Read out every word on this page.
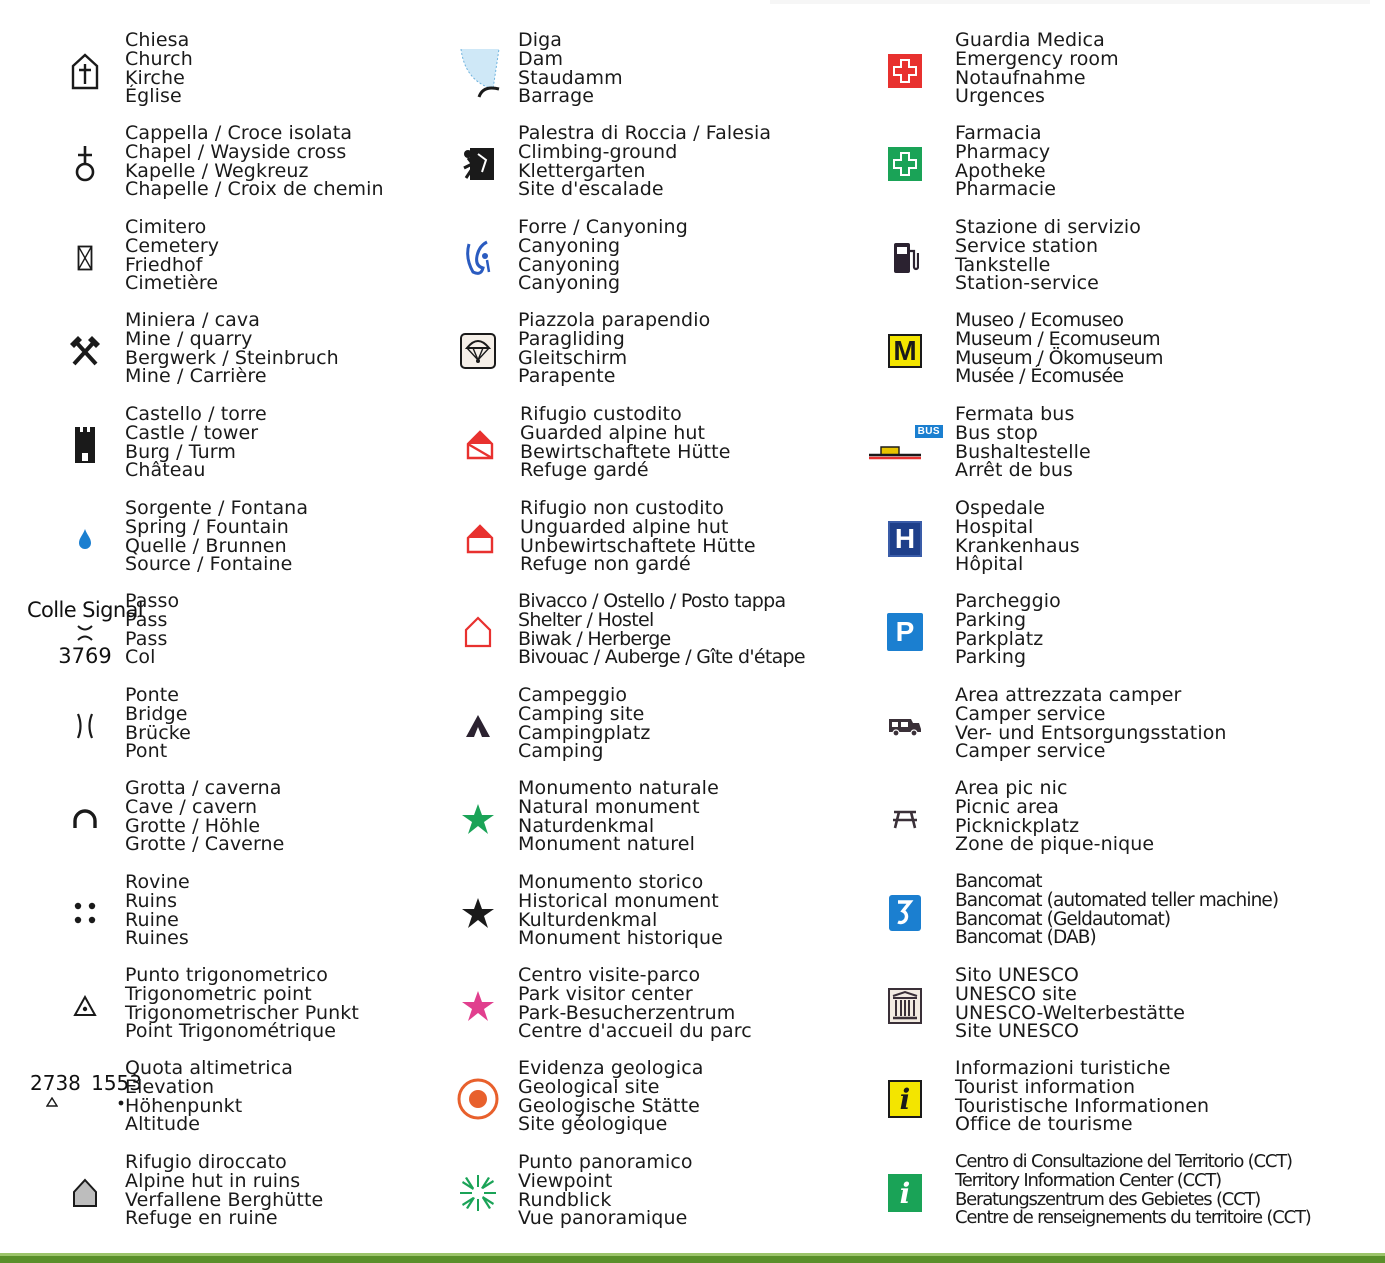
Chiesa
Church
Kirche
Église
Cappella / Croce isolata
Chapel / Wayside cross
Kapelle / Wegkreuz
Chapelle / Croix de chemin
Cimitero
Cemetery
Friedhof
Cimetière
Miniera / cava
Mine / quarry
Bergwerk / Steinbruch
Mine / Carrière
Castello / torre
Castle / tower
Burg / Turm
Château
Sorgente / Fontana
Spring / Fountain
Quelle / Brunnen
Source / Fontaine
Colle Signal
3769
Passo
Pass
Pass
Col
Ponte
Bridge
Brücke
Pont
Grotta / caverna
Cave / cavern
Grotte / Höhle
Grotte / Caverne
Rovine
Ruins
Ruine
Ruines
Punto trigonometrico
Trigonometric point
Trigonometrischer Punkt
Point Trigonométrique
2738 1553
Quota altimetrica
Elevation
Höhenpunkt
Altitude
Rifugio diroccato
Alpine hut in ruins
Verfallene Berghütte
Refuge en ruine
Diga
Dam
Staudamm
Barrage
Palestra di Roccia / Falesia
Climbing-ground
Klettergarten
Site d'escalade
Forre / Canyoning
Canyoning
Canyoning
Canyoning
Piazzola parapendio
Paragliding
Gleitschirm
Parapente
Rifugio custodito
Guarded alpine hut
Bewirtschaftete Hütte
Refuge gardé
Rifugio non custodito
Unguarded alpine hut
Unbewirtschaftete Hütte
Refuge non gardé
Bivacco / Ostello / Posto tappa
Shelter / Hostel
Biwak / Herberge
Bivouac / Auberge / Gîte d'étape
Campeggio
Camping site
Campingplatz
Camping
Monumento naturale
Natural monument
Naturdenkmal
Monument naturel
Monumento storico
Historical monument
Kulturdenkmal
Monument historique
Centro visite-parco
Park visitor center
Park-Besucherzentrum
Centre d'accueil du parc
Evidenza geologica
Geological site
Geologische Stätte
Site géologique
Punto panoramico
Viewpoint
Rundblick
Vue panoramique
Guardia Medica
Emergency room
Notaufnahme
Urgences
Farmacia
Pharmacy
Apotheke
Pharmacie
Stazione di servizio
Service station
Tankstelle
Station-service
M
Museo / Ecomuseo
Museum / Ecomuseum
Museum / Ökomuseum
Musée / Écomusée
BUS
Fermata bus
Bus stop
Bushaltestelle
Arrêt de bus
H
Ospedale
Hospital
Krankenhaus
Hôpital
P
Parcheggio
Parking
Parkplatz
Parking
Area attrezzata camper
Camper service
Ver- und Entsorgungsstation
Camper service
Area pic nic
Picnic area
Picknickplatz
Zone de pique-nique
Bancomat
Bancomat (automated teller machine)
Bancomat (Geldautomat)
Bancomat (DAB)
Sito UNESCO
UNESCO site
UNESCO-Welterbestätte
Site UNESCO
i
Informazioni turistiche
Tourist information
Touristische Informationen
Office de tourisme
i
Centro di Consultazione del Territorio (CCT)
Territory Information Center (CCT)
Beratungszentrum des Gebietes (CCT)
Centre de renseignements du territoire (CCT)
